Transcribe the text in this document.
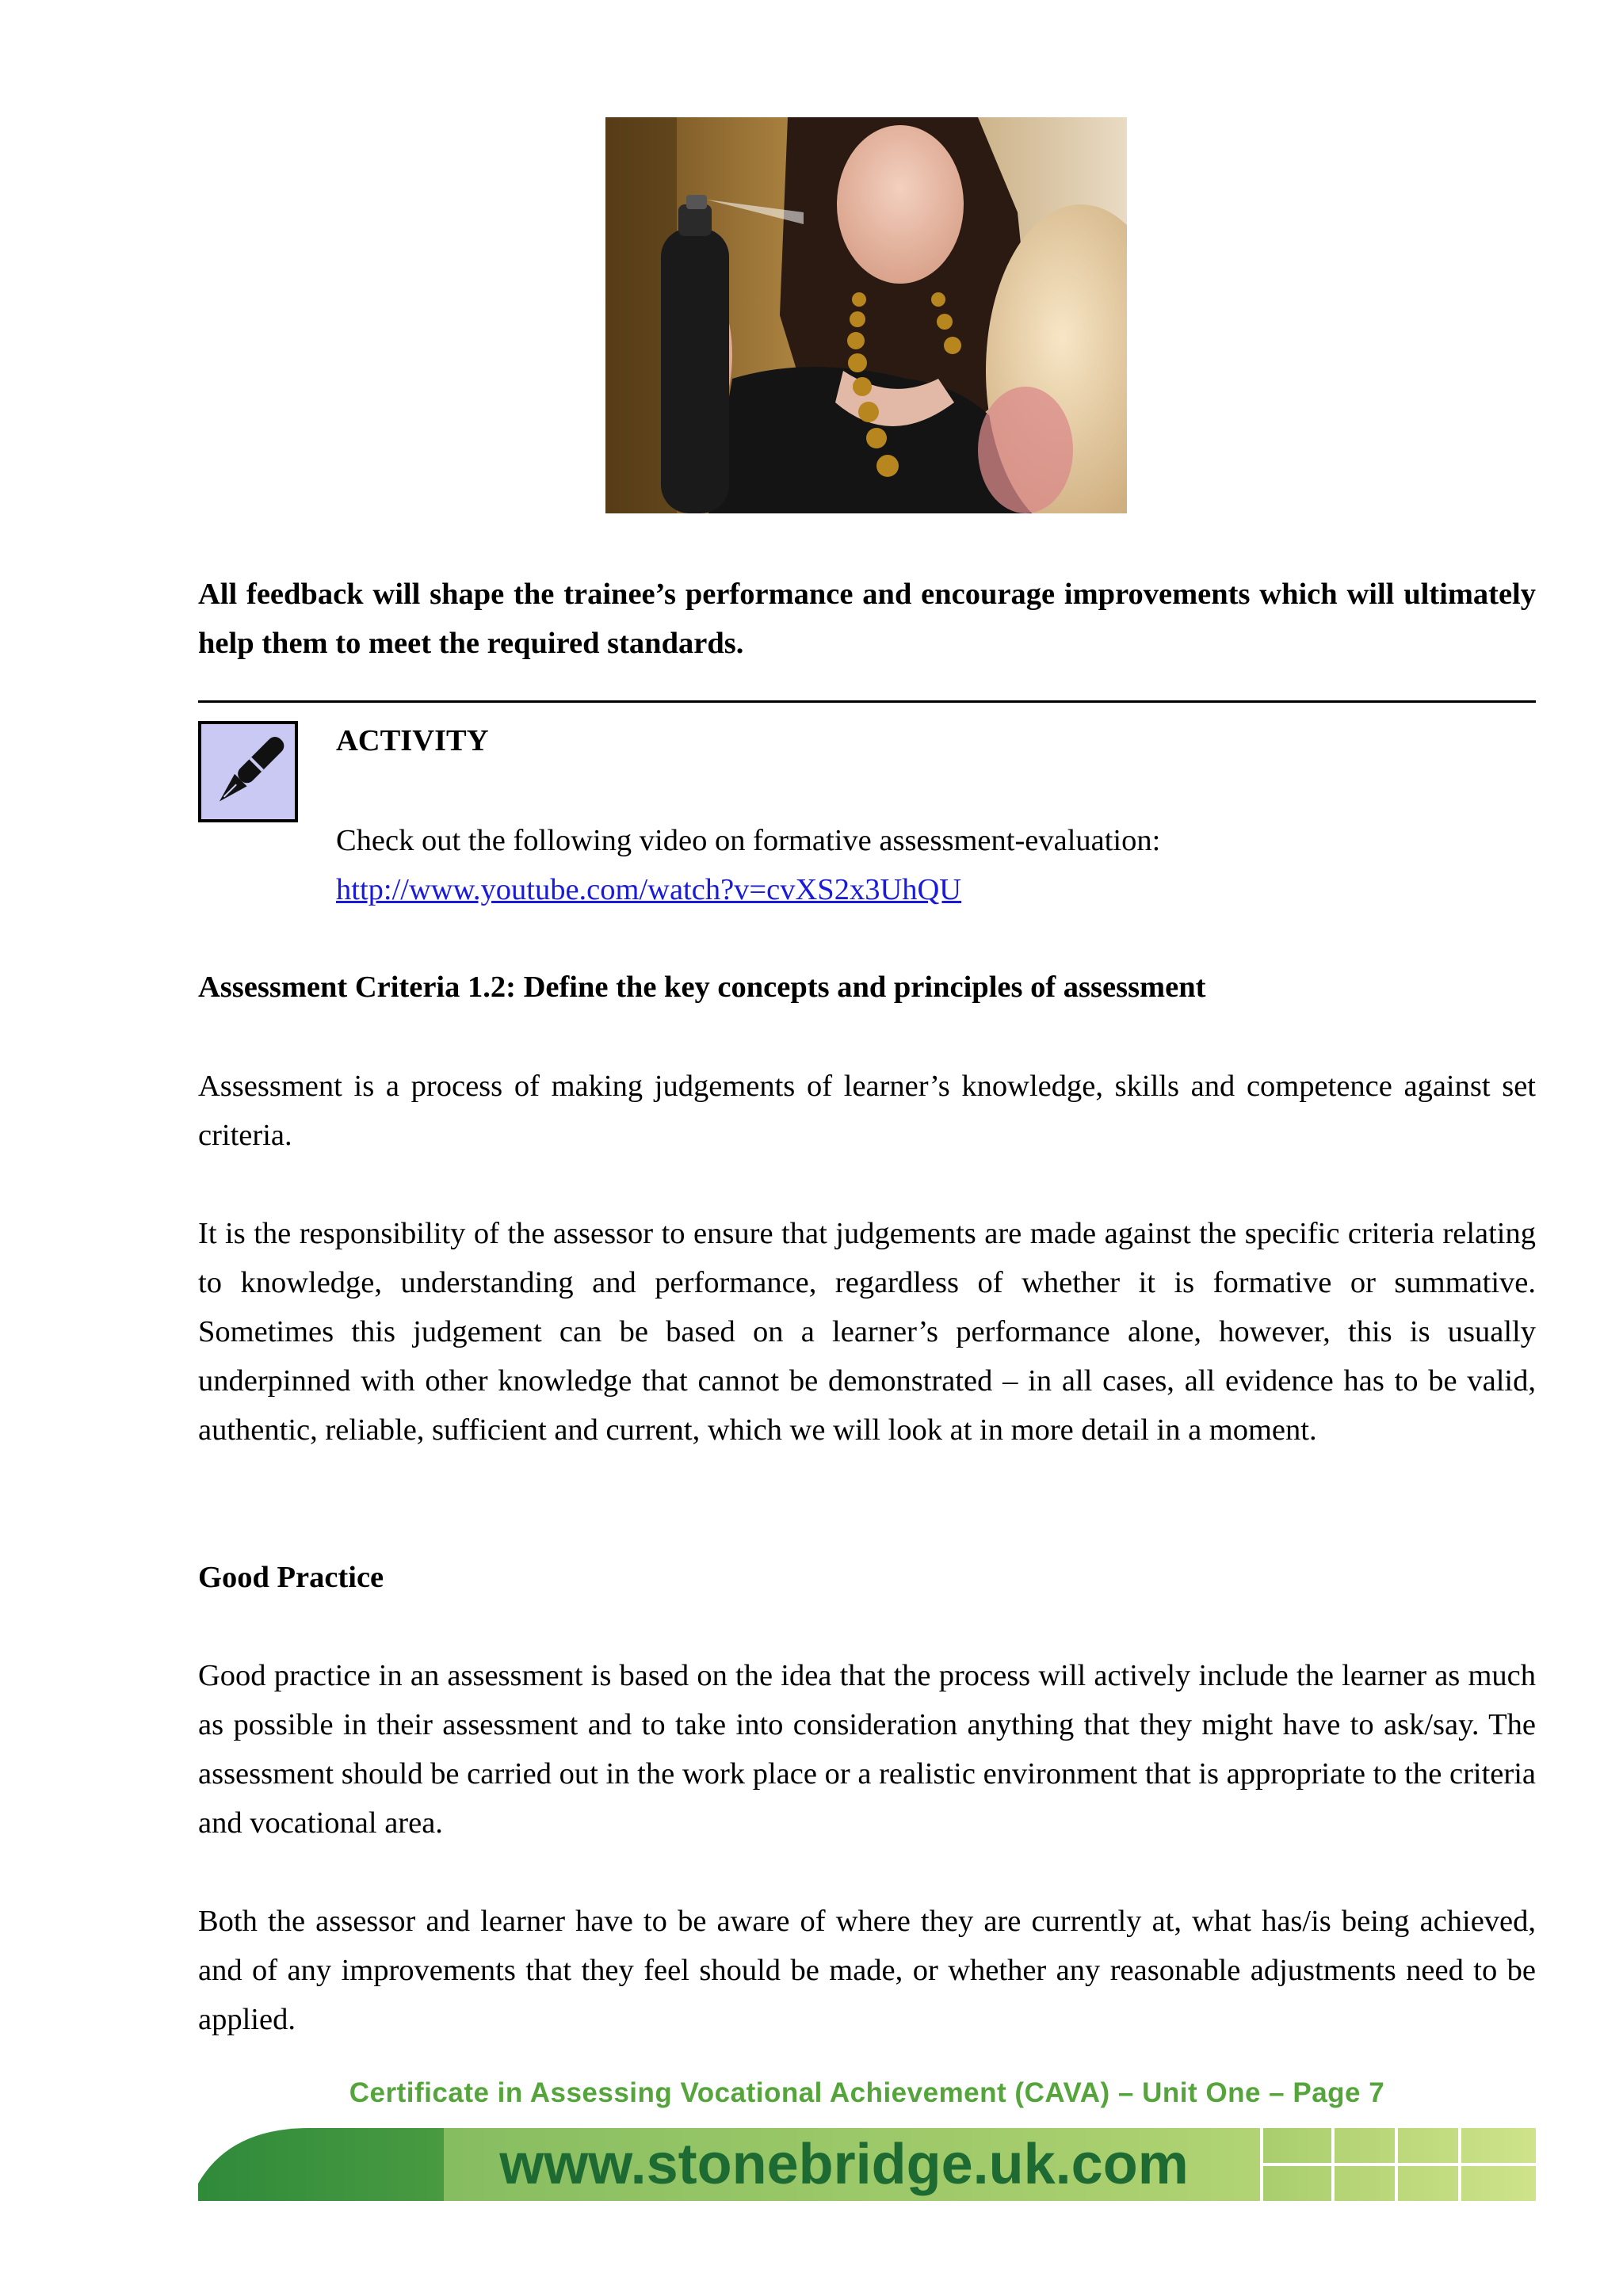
All feedback will shape the trainee’s performance and encourage improvements which will ultimately help them to meet the required standards.

ACTIVITY
Check out the following video on formative assessment-evaluation:
http://www.youtube.com/watch?v=cvXS2x3UhQU

Assessment Criteria 1.2: Define the key concepts and principles of assessment

Assessment is a process of making judgements of learner’s knowledge, skills and competence against set criteria.

It is the responsibility of the assessor to ensure that judgements are made against the specific criteria relating to knowledge, understanding and performance, regardless of whether it is formative or summative. Sometimes this judgement can be based on a learner’s performance alone, however, this is usually underpinned with other knowledge that cannot be demonstrated – in all cases, all evidence has to be valid, authentic, reliable, sufficient and current, which we will look at in more detail in a moment.

Good Practice

Good practice in an assessment is based on the idea that the process will actively include the learner as much as possible in their assessment and to take into consideration anything that they might have to ask/say. The assessment should be carried out in the work place or a realistic environment that is appropriate to the criteria and vocational area.

Both the assessor and learner have to be aware of where they are currently at, what has/is being achieved, and of any improvements that they feel should be made, or whether any reasonable adjustments need to be applied.

Certificate in Assessing Vocational Achievement (CAVA) – Unit One – Page 7
www.stonebridge.uk.com
